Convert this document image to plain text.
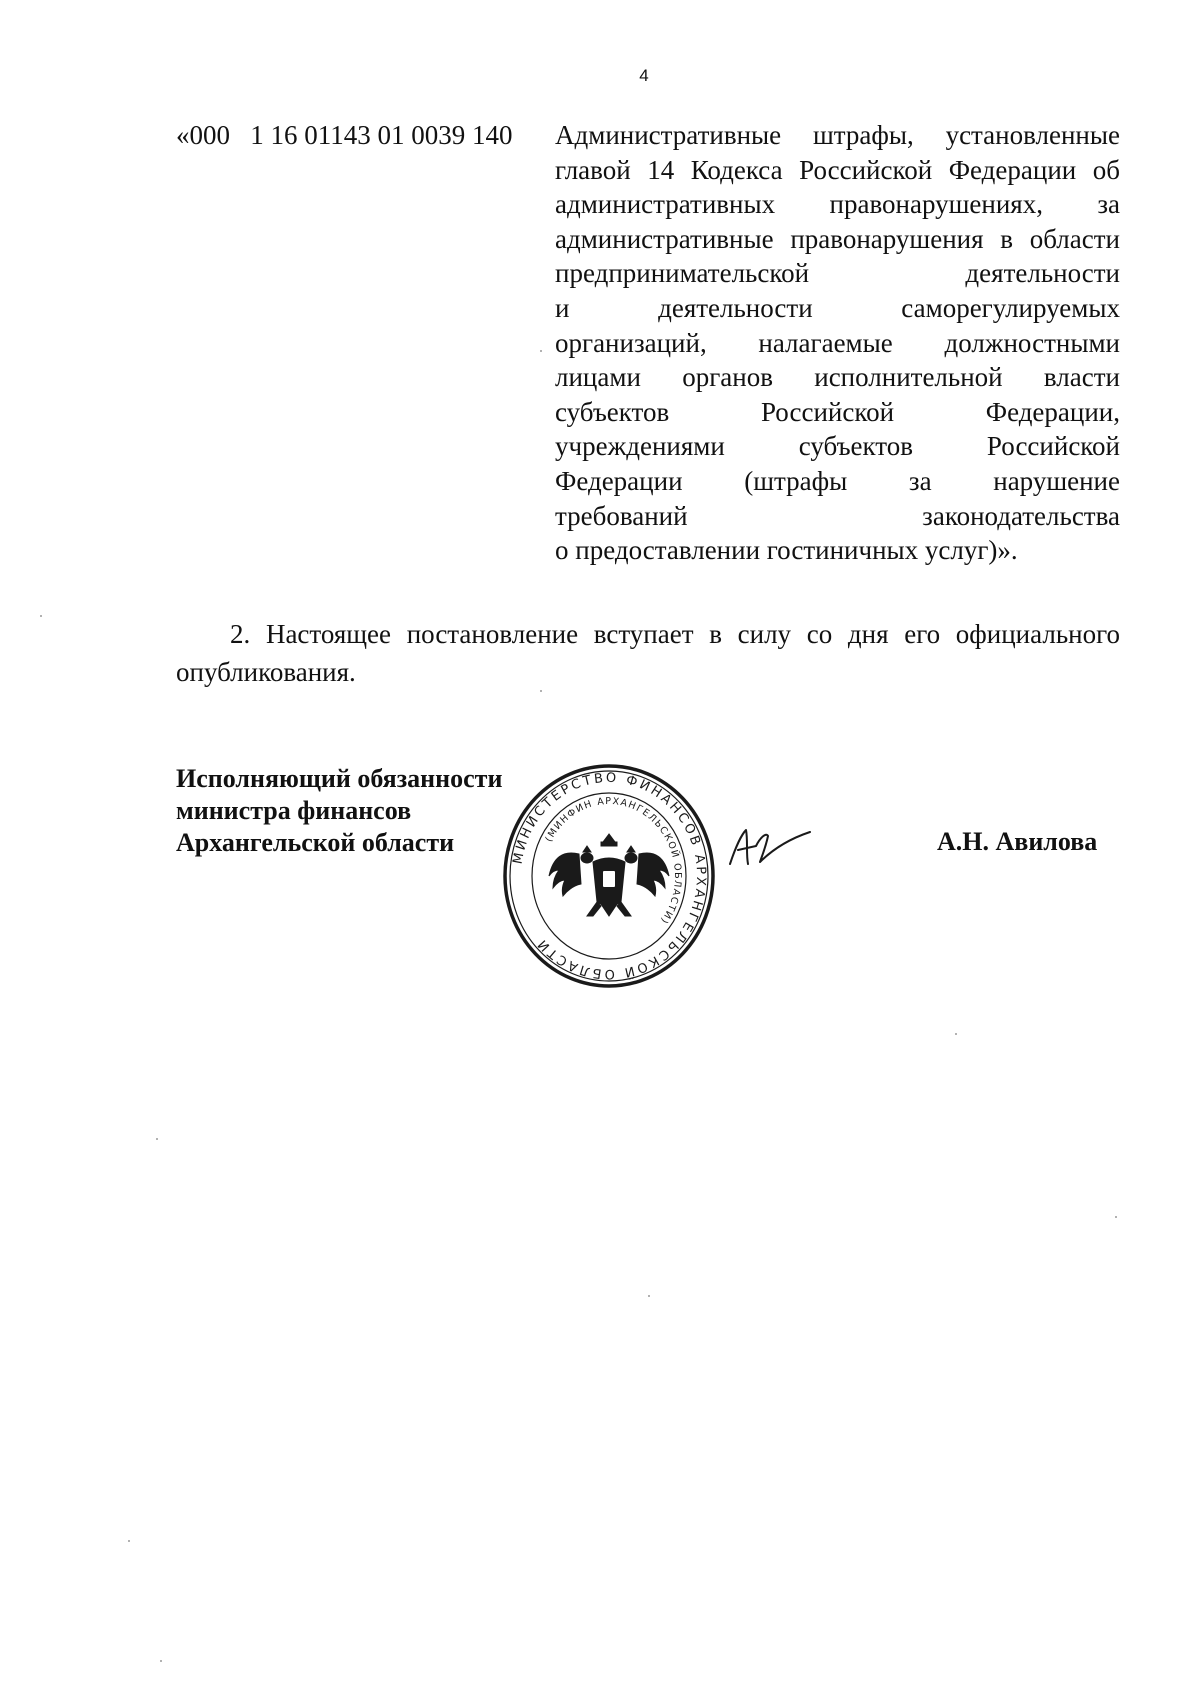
4
«000   1 16 01143 01 0039 140 Административные штрафы, установленные
главой 14 Кодекса Российской Федерации об
административных правонарушениях, за
административные правонарушения в области
предпринимательской деятельности
и деятельности саморегулируемых
организаций, налагаемые должностными
лицами органов исполнительной власти
субъектов Российской Федерации,
учреждениями субъектов Российской
Федерации (штрафы за нарушение
требований законодательства
о предоставлении гостиничных услуг)».

2. Настоящее постановление вступает в силу со дня его официального опубликования.

Исполняющий обязанности
министра финансов
Архангельской области
МИНИСТЕРСТВО ФИНАНСОВ АРХАНГЕЛЬСКОЙ ОБЛАСТИ
(МИНФИН АРХАНГЕЛЬСКОЙ ОБЛАСТИ)
А.Н. Авилова
